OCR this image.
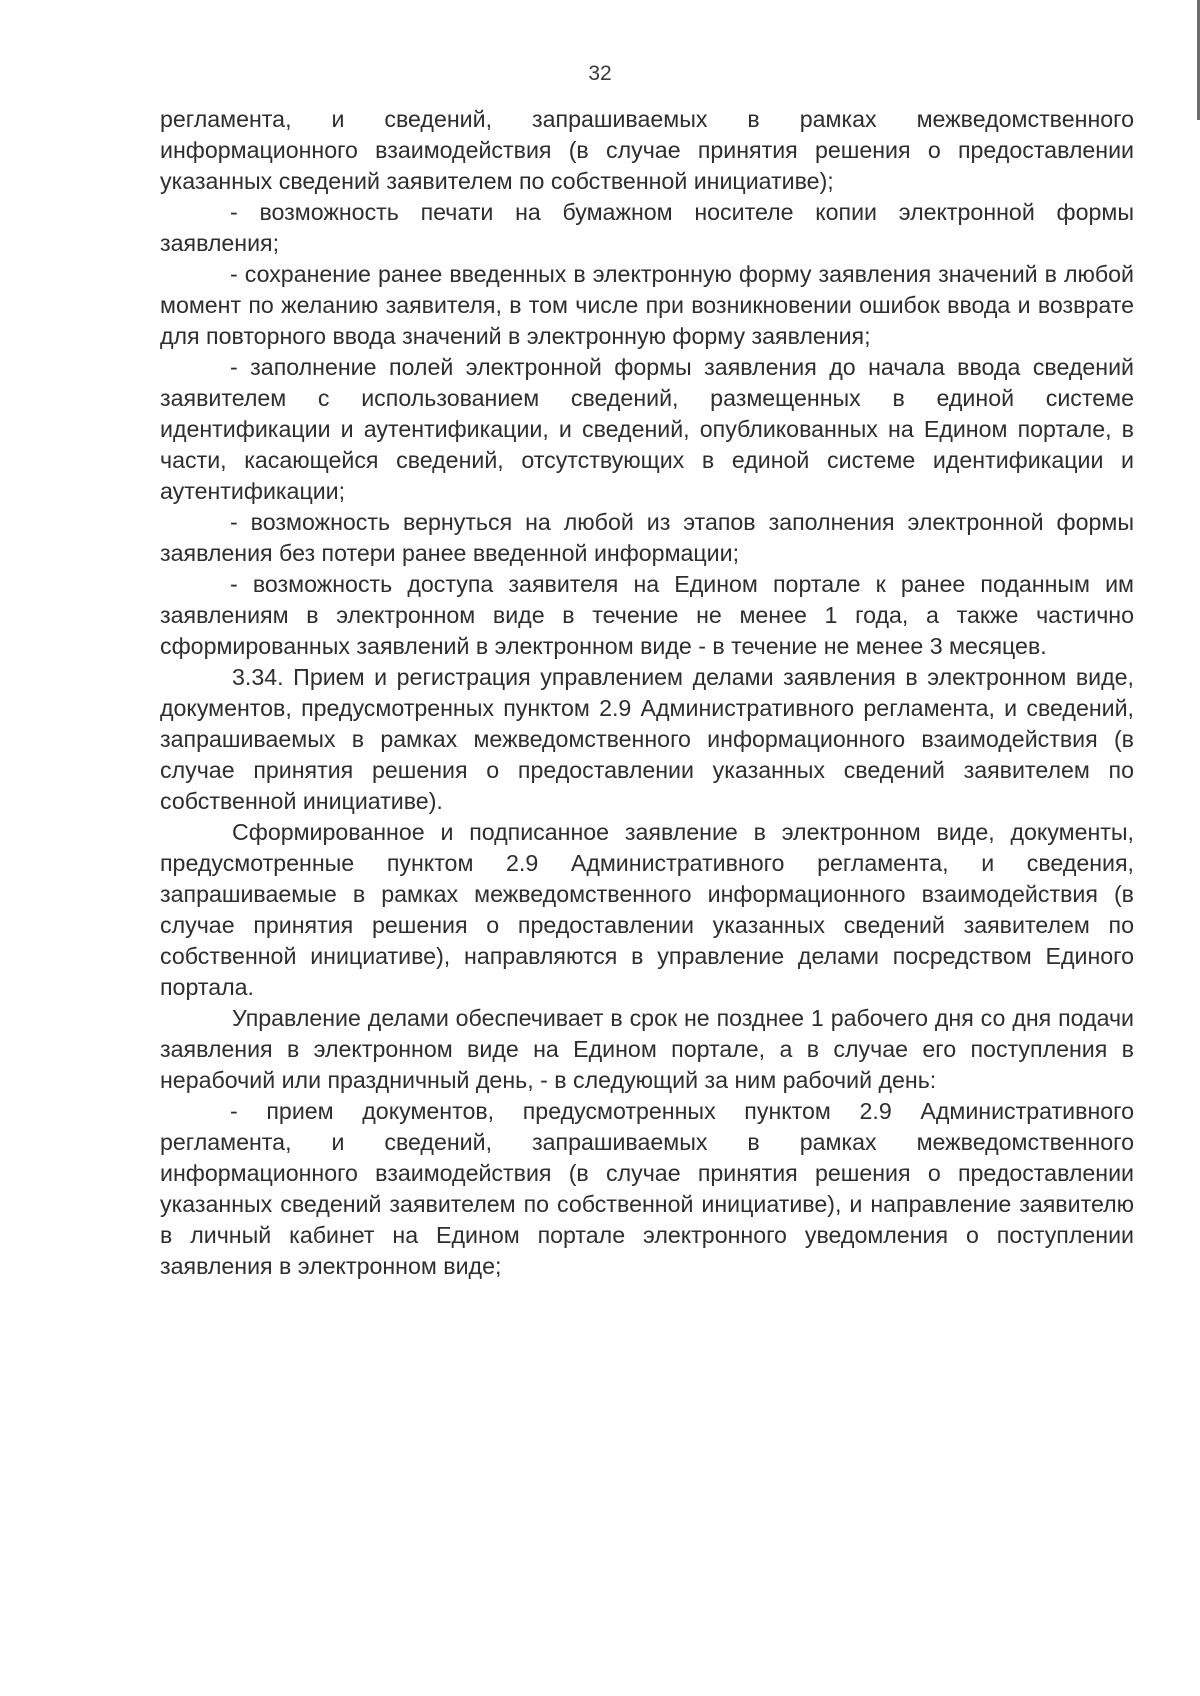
32

регламента, и сведений, запрашиваемых в рамках межведомственного информационного взаимодействия (в случае принятия решения о предоставлении указанных сведений заявителем по собственной инициативе);

- возможность печати на бумажном носителе копии электронной формы заявления;

- сохранение ранее введенных в электронную форму заявления значений в любой момент по желанию заявителя, в том числе при возникновении ошибок ввода и возврате для повторного ввода значений в электронную форму заявления;

- заполнение полей электронной формы заявления до начала ввода сведений заявителем с использованием сведений, размещенных в единой системе идентификации и аутентификации, и сведений, опубликованных на Едином портале, в части, касающейся сведений, отсутствующих в единой системе идентификации и аутентификации;

- возможность вернуться на любой из этапов заполнения электронной формы заявления без потери ранее введенной информации;

- возможность доступа заявителя на Едином портале к ранее поданным им заявлениям в электронном виде в течение не менее 1 года, а также частично сформированных заявлений в электронном виде - в течение не менее 3 месяцев.

3.34. Прием и регистрация управлением делами заявления в электронном виде, документов, предусмотренных пунктом 2.9 Административного регламента, и сведений, запрашиваемых в рамках межведомственного информационного взаимодействия (в случае принятия решения о предоставлении указанных сведений заявителем по собственной инициативе).

Сформированное и подписанное заявление в электронном виде, документы, предусмотренные пунктом 2.9 Административного регламента, и сведения, запрашиваемые в рамках межведомственного информационного взаимодействия (в случае принятия решения о предоставлении указанных сведений заявителем по собственной инициативе), направляются в управление делами посредством Единого портала.

Управление делами обеспечивает в срок не позднее 1 рабочего дня со дня подачи заявления в электронном виде на Едином портале, а в случае его поступления в нерабочий или праздничный день, - в следующий за ним рабочий день:

- прием документов, предусмотренных пунктом 2.9 Административного регламента, и сведений, запрашиваемых в рамках межведомственного информационного взаимодействия (в случае принятия решения о предоставлении указанных сведений заявителем по собственной инициативе), и направление заявителю в личный кабинет на Едином портале электронного уведомления о поступлении заявления в электронном виде;
